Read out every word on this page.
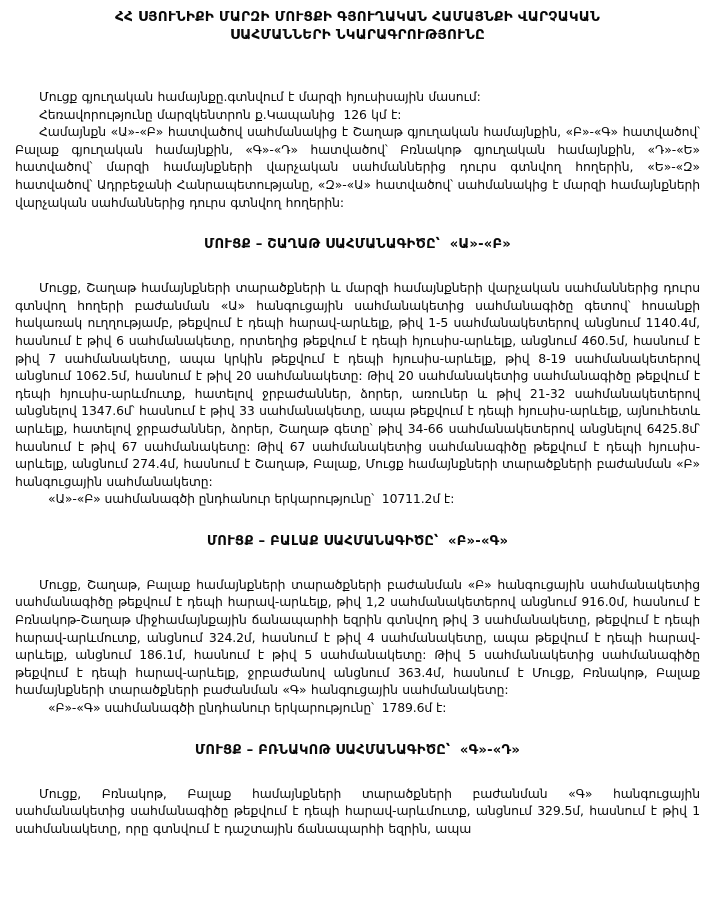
ՀՀ ՍՅՈՒՆԻՔԻ ՄԱՐԶԻ ՄՈՒՑՔԻ ԳՅՈՒՂԱԿԱՆ ՀԱՄԱՅՆՔԻ ՎԱՐՉԱԿԱՆ
ՍԱՀՄԱՆՆԵՐԻ ՆԿԱՐԱԳՐՈՒԹՅՈՒՆԸ

Մուցք գյուղական համայնքը.գտնվում է մարզի հյուսիսային մասում:

Հեռավորությունը մարզկենտրոն ք.Կապանից  126 կմ է:

Համայնքն «Ա»-«Բ» հատվածով սահմանակից է Շաղաթ գյուղական համայնքին, «Բ»-«Գ» հատվածով՝ Բալաք գյուղական համայնքին, «Գ»-«Դ» հատվածով՝ Բռնակոթ գյուղական համայնքին, «Դ»-«Ե» հատվածով՝ մարզի համայնքների վարչական սահմաններից դուրս գտնվող հողերին, «Ե»-«Զ» հատվածով՝ Ադրբեջանի Հանրապետությանը, «Զ»-«Ա» հատվածով՝ սահմանակից է մարզի համայնքների վարչական սահմաններից դուրս գտնվող հողերին:

ՄՈՒՑՔ – ՇԱՂԱԹ ՍԱՀՄԱՆԱԳԻԾԸ՝  «Ա»-«Բ»

Մուցք, Շաղաթ համայնքների տարածքների և մարզի համայնքների վարչական սահմաններից դուրս գտնվող հողերի բաժանման «Ա» հանգուցային սահմանակետից սահմանագիծը գետով՝ հոսանքի հակառակ ուղղությամբ, թեքվում է դեպի հարավ-արևելք, թիվ 1-5 սահմանակետերով անցնում 1140.4մ, հասնում է թիվ 6 սահմանակետը, որտեղից թեքվում է դեպի հյուսիս-արևելք, անցնում 460.5մ, հասնում է թիվ 7 սահմանակետը, ապա կրկին թեքվում է դեպի հյուսիս-արևելք, թիվ 8-19 սահմանակետերով անցնում 1062.5մ, հասնում է թիվ 20 սահմանակետը: Թիվ 20 սահմանակետից սահմանագիծը թեքվում է դեպի հյուսիս-արևմուտք, հատելով ջրբաժաններ, ձորեր, առուներ և թիվ 21-32 սահմանակետերով անցնելով 1347.6մ՝ հասնում է թիվ 33 սահմանակետը, ապա թեքվում է դեպի հյուսիս-արևելք, այնուհետև արևելք, հատելով ջրբաժաններ, ձորեր, Շաղաթ գետը՝ թիվ 34-66 սահմանակետերով անցնելով 6425.8մ՝ հասնում է թիվ 67 սահմանակետը: Թիվ 67 սահմանակետից սահմանագիծը թեքվում է դեպի հյուսիս-արևելք, անցնում 274.4մ, հասնում է Շաղաթ, Բալաք, Մուցք համայնքների տարածքների բաժանման «Բ» հանգուցային սահմանակետը:

«Ա»-«Բ» սահմանագծի ընդհանուր երկարությունը՝  10711.2մ է:

ՄՈՒՑՔ – ԲԱԼԱՔ ՍԱՀՄԱՆԱԳԻԾԸ՝  «Բ»-«Գ»

Մուցք, Շաղաթ, Բալաք համայնքների տարածքների բաժանման «Բ» հանգուցային սահմանակետից սահմանագիծը թեքվում է դեպի հարավ-արևելք, թիվ 1,2 սահմանակետերով անցնում 916.0մ, հասնում է Բռնակոթ-Շաղաթ միջհամայնքային ճանապարհի եզրին գտնվող թիվ 3 սահմանակետը, թեքվում է դեպի հարավ-արևմուտք, անցնում 324.2մ, հասնում է թիվ 4 սահմանակետը, ապա թեքվում է դեպի հարավ-արևելք, անցնում 186.1մ, հասնում է թիվ 5 սահմանակետը: Թիվ 5 սահմանակետից սահմանագիծը թեքվում է դեպի հարավ-արևելք, ջրբաժանով անցնում 363.4մ, հասնում է Մուցք, Բռնակոթ, Բալաք համայնքների տարածքների բաժանման «Գ» հանգուցային սահմանակետը:

«Բ»-«Գ» սահմանագծի ընդհանուր երկարությունը՝  1789.6մ է:

ՄՈՒՑՔ – ԲՌՆԱԿՈԹ ՍԱՀՄԱՆԱԳԻԾԸ՝  «Գ»-«Դ»

Մուցք, Բռնակոթ, Բալաք համայնքների տարածքների բաժանման «Գ» հանգուցային սահմանակետից սահմանագիծը թեքվում է դեպի հարավ-արևմուտք, անցնում 329.5մ, հասնում է թիվ 1 սահմանակետը, որը գտնվում է դաշտային ճանապարհի եզրին, ապա
